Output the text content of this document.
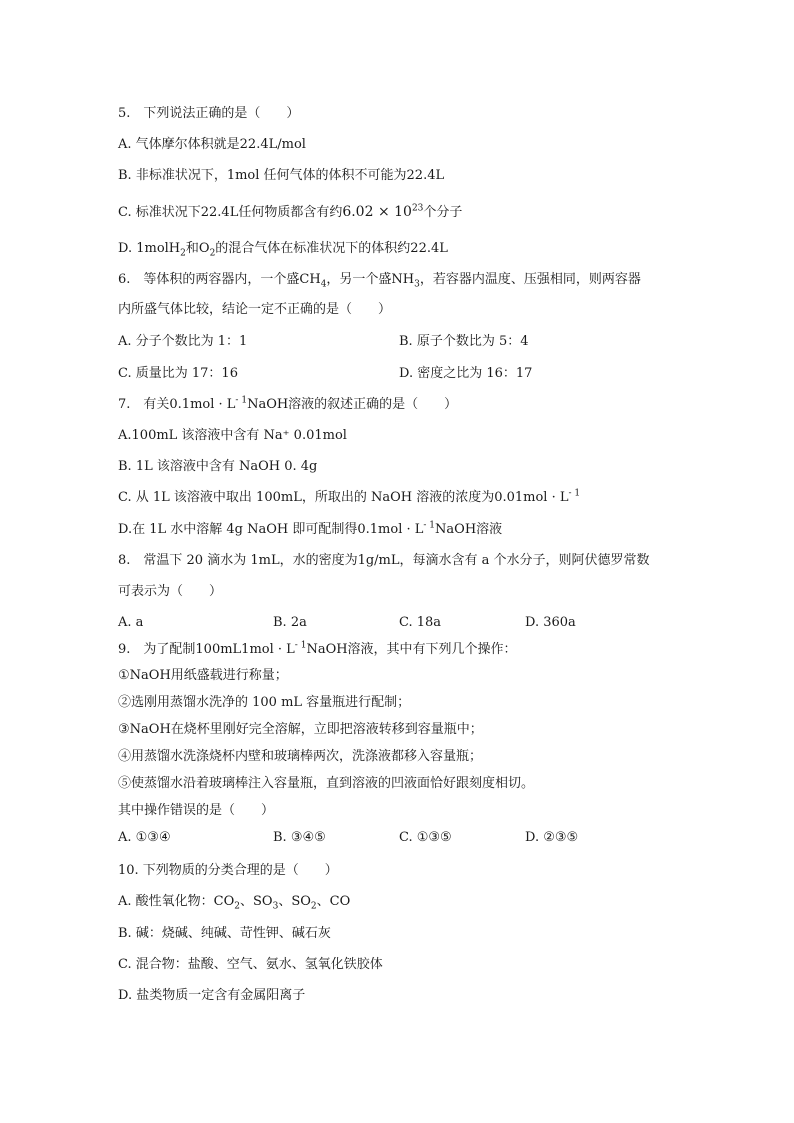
5.　下列说法正确的是（　　）
A. 气体摩尔体积就是22.4L/mol
B. 非标准状况下，1mol 任何气体的体积不可能为22.4L
C. 标准状况下22.4L任何物质都含有约$6.02 \times 10^{23}$个分子
D. 1molH$_2$和$O_2$的混合气体在标准状况下的体积约22.4L
6.　等体积的两容器内，一个盛$CH_4$，另一个盛$NH_3$，若容器内温度、压强相同，则两容器
内所盛气体比较，结论一定不正确的是（　　）
A. 分子个数比为 1：1	B. 原子个数比为 5：4
C. 质量比为 17：16	D. 密度之比为 16：17
7.　有关$0.1mol \cdot L^{- 1}NaOH$溶液的叙述正确的是（　　）
A.100mL 该溶液中含有 Na⁺ 0.01mol
B. 1L 该溶液中含有 NaOH 0. 4g
C. 从 1L 该溶液中取出 100mL，所取出的 NaOH 溶液的浓度为$0.01mol \cdot L^{- 1}$
D.在 1L 水中溶解 4g NaOH 即可配制得$0.1mol \cdot L^{- 1}NaOH$溶液
8.　常温下 20 滴水为 1mL，水的密度为1g/mL，每滴水含有 a 个水分子，则阿伏德罗常数
可表示为（　　）
A. a	B. 2a	C. 18a	D. 360a
9.　为了配制$100mL1mol \cdot L^{- 1}NaOH$溶液，其中有下列几个操作：
①NaOH用纸盛载进行称量；
②选刚用蒸馏水洗净的 100 mL 容量瓶进行配制；
③NaOH在烧杯里刚好完全溶解，立即把溶液转移到容量瓶中；
④用蒸馏水洗涤烧杯内壁和玻璃棒两次，洗涤液都移入容量瓶；
⑤使蒸馏水沿着玻璃棒注入容量瓶，直到溶液的凹液面恰好跟刻度相切。
其中操作错误的是（　　）
A. ①③④	B. ③④⑤	C. ①③⑤	D. ②③⑤
10. 下列物质的分类合理的是（　　）
A. 酸性氧化物：$CO_2$、$SO_3$、$SO_2$、CO
B. 碱：烧碱、纯碱、苛性钾、碱石灰
C. 混合物：盐酸、空气、氨水、氢氧化铁胶体
D. 盐类物质一定含有金属阳离子
